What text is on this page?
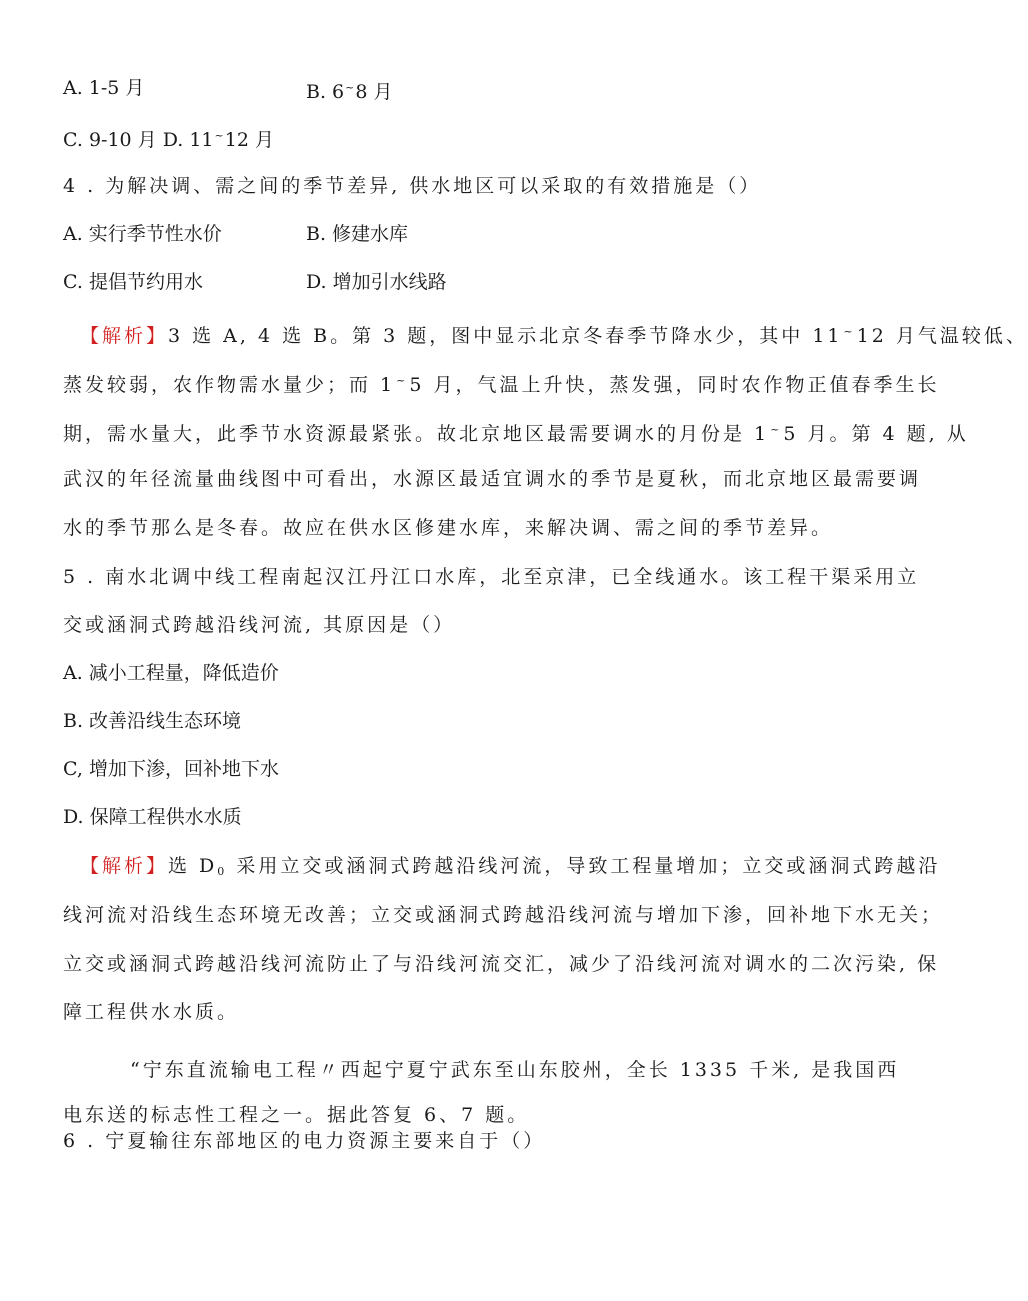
A. 1-5 月	B. 6~8 月
C. 9-10 月 D. 11~12 月
4 . 为解决调、需之间的季节差异, 供水地区可以采取的有效措施是（）
A. 实行季节性水价	B. 修建水库
C. 提倡节约用水	D. 增加引水线路
【解析】3 选 A, 4 选 B。第 3 题，图中显示北京冬春季节降水少，其中 11~12 月气温较低、
蒸发较弱，农作物需水量少；而 1~5 月，气温上升快，蒸发强，同时农作物正值春季生长
期，需水量大，此季节水资源最紧张。故北京地区最需要调水的月份是 1~5 月。第 4 题, 从
武汉的年径流量曲线图中可看出，水源区最适宜调水的季节是夏秋，而北京地区最需要调
水的季节那么是冬春。故应在供水区修建水库，来解决调、需之间的季节差异。
5 . 南水北调中线工程南起汉江丹江口水库，北至京津，已全线通水。该工程干渠采用立
交或涵洞式跨越沿线河流, 其原因是（）
A. 减小工程量，降低造价
B. 改善沿线生态环境
C, 增加下渗，回补地下水
D. 保障工程供水水质
【解析】选 $D_0$ 采用立交或涵洞式跨越沿线河流，导致工程量增加；立交或涵洞式跨越沿
线河流对沿线生态环境无改善；立交或涵洞式跨越沿线河流与增加下渗，回补地下水无关；
立交或涵洞式跨越沿线河流防止了与沿线河流交汇，减少了沿线河流对调水的二次污染, 保
障工程供水水质。
“宁东直流输电工程〃西起宁夏宁武东至山东胶州，全长 1335 千米, 是我国西
电东送的标志性工程之一。据此答复 6、7 题。
6 . 宁夏输往东部地区的电力资源主要来自于（）
